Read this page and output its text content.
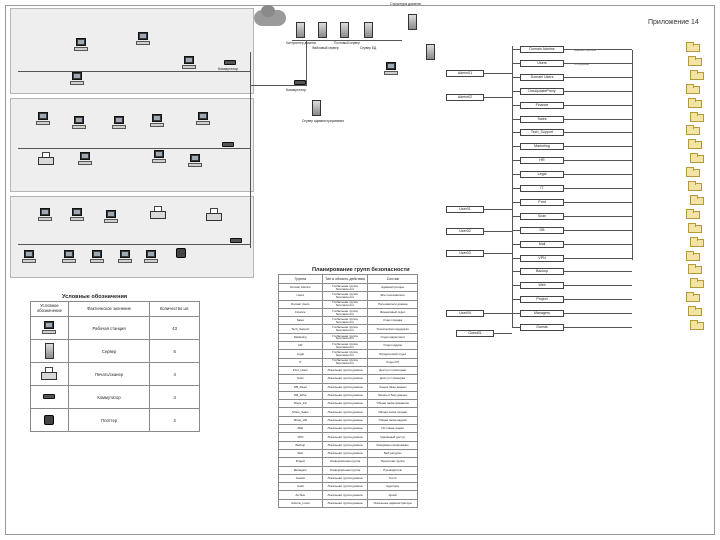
Приложение 14
Коммутатор
Контроллер домена
Файловый сервер
Почтовый сервер
Сервер БД
Структура домена
Коммутатор
Сервер администрирования
Условные обозначения
Условное обозначение	Фактическое значение	Количество шт.

	Рабочая станция	43

	Сервер	6

	Печать/сканер	4

	Коммутатор	4

	Плоттер	2
Планирование групп безопасности
Группа	Тип и область действия	Состав
Domain Admins	Глобальная группа безопасности	Администраторы
Users	Глобальная группа безопасности	Все пользователи
Domain Users	Глобальная группа безопасности	Пользователи домена
Finance	Глобальная группа безопасности	Финансовый отдел
Sales	Глобальная группа безопасности	Отдел продаж
Tech_Support	Глобальная группа безопасности	Техническая поддержка
Marketing	Глобальная группа безопасности	Отдел маркетинга
HR	Глобальная группа безопасности	Отдел кадров
Legal	Глобальная группа безопасности	Юридический отдел
IT	Глобальная группа безопасности	Отдел ИТ
Print_Users	Локальная группа домена	Доступ к принтерам
Scan	Локальная группа домена	Доступ к сканерам
DB_Read	Локальная группа домена	Чтение базы данных
DB_Write	Локальная группа домена	Запись в базу данных
Share_Fin	Локальная группа домена	Общая папка финансов
Share_Sales	Локальная группа домена	Общая папка продаж
Share_HR	Локальная группа домена	Общая папка кадров
Mail	Локальная группа домена	Почтовые ящики
VPN	Локальная группа домена	Удалённый доступ
Backup	Локальная группа домена	Резервное копирование
Web	Локальная группа домена	Веб-ресурсы
Project	Универсальная группа	Проектная группа
Managers	Универсальная группа	Руководители
Guests	Локальная группа домена	Гости
Audit	Локальная группа домена	Аудиторы
Archive	Локальная группа домена	Архив
Admins_Local	Локальная группа домена	Локальные администраторы
Domain Admins
Users
Domain Users
DnsUpdateProxy
Finance
Sales
Tech_Support
Marketing
HR
Legal
IT
Print
Scan
DB
Mail
VPN
Backup
Web
Project
Managers
Guests
Admin01
Admin02
User01
User02
User03
User04
Guest01
Администраторы
Сотрудники
